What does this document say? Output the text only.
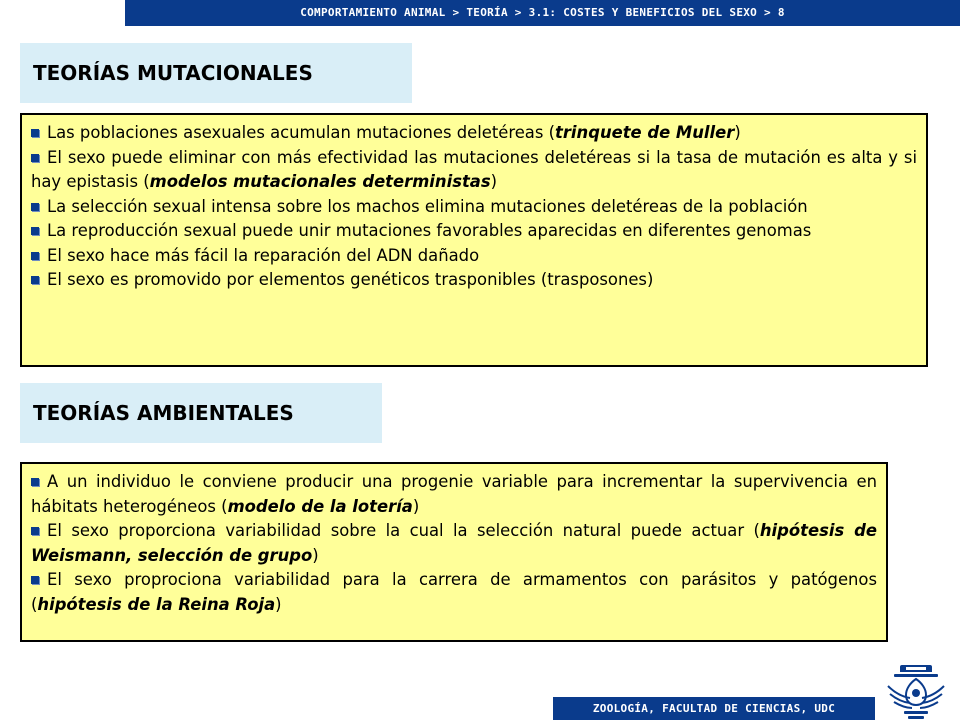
COMPORTAMIENTO ANIMAL > TEORÍA > 3.1: COSTES Y BENEFICIOS DEL SEXO > 8
TEORÍAS MUTACIONALES

Las poblaciones asexuales acumulan mutaciones deletéreas (trinquete de Muller)

El sexo puede eliminar con más efectividad las mutaciones deletéreas si la tasa de mutación es alta y si hay epistasis (modelos mutacionales deterministas)

La selección sexual intensa sobre los machos elimina mutaciones deletéreas de la población

La reproducción sexual puede unir mutaciones favorables aparecidas en diferentes genomas

El sexo hace más fácil la reparación del ADN dañado

El sexo es promovido por elementos genéticos trasponibles (trasposones)

TEORÍAS AMBIENTALES

A un individuo le conviene producir una progenie variable para incrementar la supervivencia en hábitats heterogéneos (modelo de la lotería)

El sexo proporciona variabilidad sobre la cual la selección natural puede actuar (hipótesis de Weismann, selección de grupo)

El sexo proprociona variabilidad para la carrera de armamentos con parásitos y patógenos (hipótesis de la Reina Roja)

ZOOLOGÍA, FACULTAD DE CIENCIAS, UDC
